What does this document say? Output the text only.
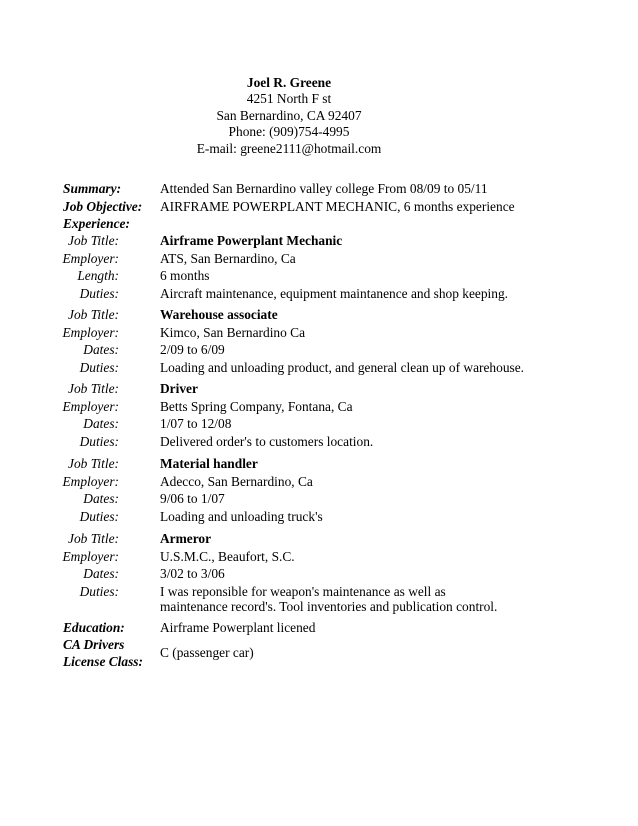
Joel R. Greene
4251 North F st
San Bernardino, CA 92407
Phone: (909)754-4995
E-mail: greene2111@hotmail.com
Summary:	Attended San Bernardino valley college From 08/09 to 05/11
Job Objective: AIRFRAME POWERPLANT MECHANIC, 6 months experience
Experience:
Job Title:	Airframe Powerplant Mechanic
Employer:	ATS, San Bernardino, Ca
Length:	6 months
Duties:	Aircraft maintenance, equipment maintanence and shop keeping.
Job Title:	Warehouse associate
Employer:	Kimco, San Bernardino Ca
Dates:	2/09 to 6/09
Duties:	Loading and unloading product, and general clean up of warehouse.
Job Title:	Driver
Employer:	Betts Spring Company, Fontana, Ca
Dates:	1/07 to 12/08
Duties:	Delivered order's to customers location.
Job Title:	Material handler
Employer:	Adecco, San Bernardino, Ca
Dates:	9/06 to 1/07
Duties:	Loading and unloading truck's
Job Title:	Armeror
Employer:	U.S.M.C., Beaufort, S.C.
Dates:	3/02 to 3/06
Duties:	I was reponsible for weapon's maintenance as well as maintenance record's. Tool inventories and publication control.
Education:	Airframe Powerplant licened
CA Drivers License Class:
C (passenger car)
